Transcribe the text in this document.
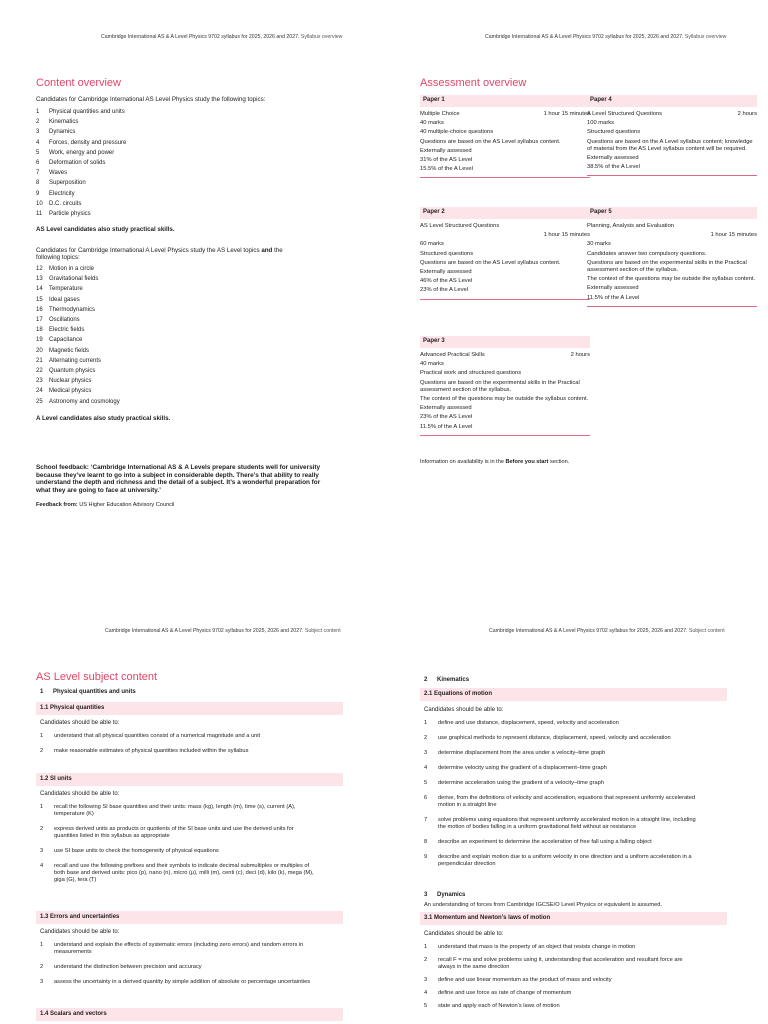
Cambridge International AS & A Level Physics 9702 syllabus for 2025, 2026 and 2027. Syllabus overview
Content overview
Candidates for Cambridge International AS Level Physics study the following topics:
1 Physical quantities and units
2 Kinematics
3 Dynamics
4 Forces, density and pressure
5 Work, energy and power
6 Deformation of solids
7 Waves
8 Superposition
9 Electricity
10 D.C. circuits
11 Particle physics
AS Level candidates also study practical skills.
Candidates for Cambridge International A Level Physics study the AS Level topics and the
following topics:
12 Motion in a circle
13 Gravitational fields
14 Temperature
15 Ideal gases
16 Thermodynamics
17 Oscillations
18 Electric fields
19 Capacitance
20 Magnetic fields
21 Alternating currents
22 Quantum physics
23 Nuclear physics
24 Medical physics
25 Astronomy and cosmology
A Level candidates also study practical skills.
School feedback: ‘Cambridge International AS & A Levels prepare students well for university
because they’ve learnt to go into a subject in considerable depth. There’s that ability to really
understand the depth and richness and the detail of a subject. It’s a wonderful preparation for
what they are going to face at university.’
Feedback from: US Higher Education Advisory Council
Cambridge International AS & A Level Physics 9702 syllabus for 2025, 2026 and 2027. Syllabus overview
Assessment overview
Paper 1
Multiple Choice	1 hour 15 minutes
40 marks
40 multiple-choice questions
Questions are based on the AS Level syllabus content.
Externally assessed
31% of the AS Level
15.5% of the A Level
Paper 2
AS Level Structured Questions
1 hour 15 minutes
60 marks
Structured questions
Questions are based on the AS Level syllabus content.
Externally assessed
46% of the AS Level
23% of the A Level
Paper 3
Advanced Practical Skills	2 hours
40 marks
Practical work and structured questions
Questions are based on the experimental skills in the Practical assessment section of the syllabus.
The context of the questions may be outside the syllabus content.
Externally assessed
23% of the AS Level
11.5% of the A Level
Paper 4
A Level Structured Questions	2 hours
100 marks
Structured questions
Questions are based on the A Level syllabus content; knowledge of material from the AS Level syllabus content will be required.
Externally assessed
38.5% of the A Level
Paper 5
Planning, Analysis and Evaluation
1 hour 15 minutes
30 marks
Candidates answer two compulsory questions.
Questions are based on the experimental skills in the Practical assessment section of the syllabus.
The context of the questions may be outside the syllabus content.
Externally assessed
11.5% of the A Level
Information on availability is in the Before you start section.
Cambridge International AS & A Level Physics 9702 syllabus for 2025, 2026 and 2027. Subject content
AS Level subject content
1 Physical quantities and units
1.1 Physical quantities
Candidates should be able to:
1 understand that all physical quantities consist of a numerical magnitude and a unit
2 make reasonable estimates of physical quantities included within the syllabus
1.2 SI units
Candidates should be able to:
1 recall the following SI base quantities and their units: mass (kg), length (m), time (s), current (A),
temperature (K)
2 express derived units as products or quotients of the SI base units and use the derived units for
quantities listed in this syllabus as appropriate
3 use SI base units to check the homogeneity of physical equations
4 recall and use the following prefixes and their symbols to indicate decimal submultiples or multiples of
both base and derived units: pico (p), nano (n), micro (μ), milli (m), centi (c), deci (d), kilo (k), mega (M),
giga (G), tera (T)
1.3 Errors and uncertainties
Candidates should be able to:
1 understand and explain the effects of systematic errors (including zero errors) and random errors in
measurements
2 understand the distinction between precision and accuracy
3 assess the uncertainty in a derived quantity by simple addition of absolute or percentage uncertainties
1.4 Scalars and vectors
Cambridge International AS & A Level Physics 9702 syllabus for 2025, 2026 and 2027. Subject content
2 Kinematics
2.1 Equations of motion
Candidates should be able to:
1 define and use distance, displacement, speed, velocity and acceleration
2 use graphical methods to represent distance, displacement, speed, velocity and acceleration
3 determine displacement from the area under a velocity–time graph
4 determine velocity using the gradient of a displacement–time graph
5 determine acceleration using the gradient of a velocity–time graph
6 derive, from the definitions of velocity and acceleration, equations that represent uniformly accelerated
motion in a straight line
7 solve problems using equations that represent uniformly accelerated motion in a straight line, including
the motion of bodies falling in a uniform gravitational field without air resistance
8 describe an experiment to determine the acceleration of free fall using a falling object
9 describe and explain motion due to a uniform velocity in one direction and a uniform acceleration in a
perpendicular direction
3 Dynamics
An understanding of forces from Cambridge IGCSE/O Level Physics or equivalent is assumed.
3.1 Momentum and Newton’s laws of motion
Candidates should be able to:
1 understand that mass is the property of an object that resists change in motion
2 recall F = ma and solve problems using it, understanding that acceleration and resultant force are
always in the same direction
3 define and use linear momentum as the product of mass and velocity
4 define and use force as rate of change of momentum
5 state and apply each of Newton’s laws of motion
